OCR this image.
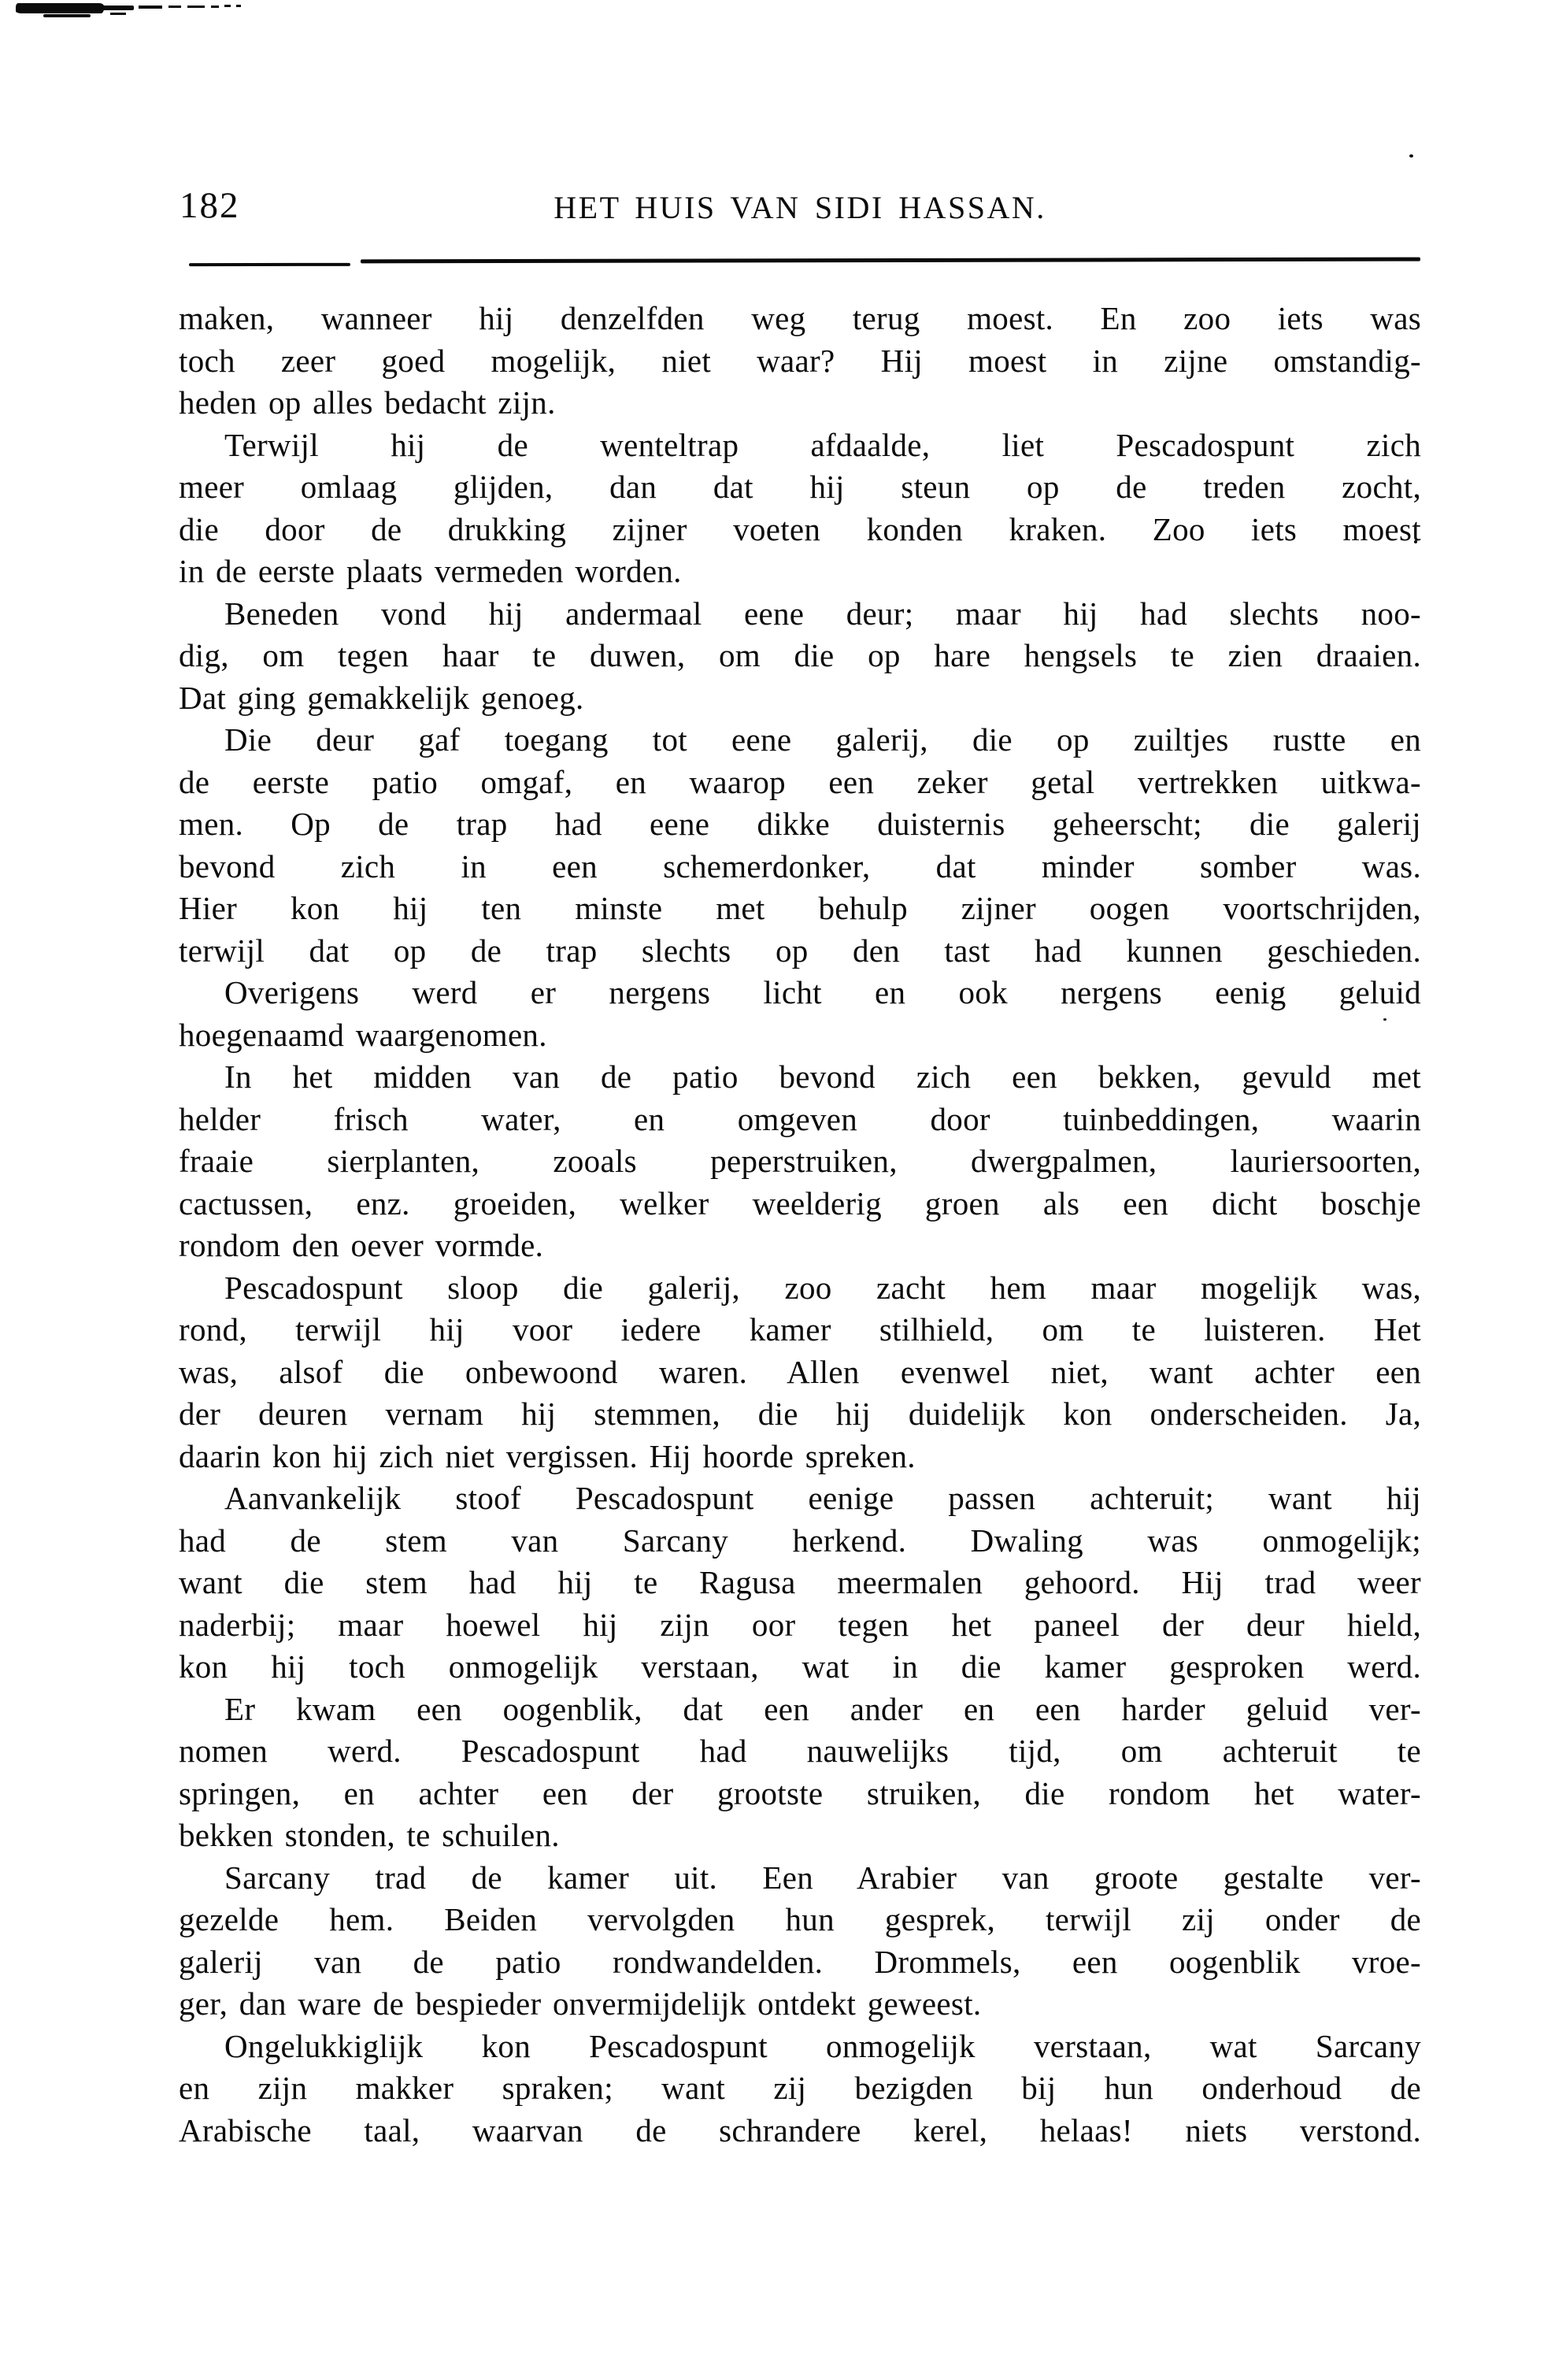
182	HET HUIS VAN SIDI HASSAN.
maken, wanneer hij denzelfden weg terug moest. En zoo iets was
toch zeer goed mogelijk, niet waar? Hij moest in zijne omstandig-
heden op alles bedacht zijn.
Terwijl hij de wenteltrap afdaalde, liet Pescadospunt zich
meer omlaag glijden, dan dat hij steun op de treden zocht,
die door de drukking zijner voeten konden kraken. Zoo iets moest
in de eerste plaats vermeden worden.
Beneden vond hij andermaal eene deur; maar hij had slechts noo-
dig, om tegen haar te duwen, om die op hare hengsels te zien draaien.
Dat ging gemakkelijk genoeg.
Die deur gaf toegang tot eene galerij, die op zuiltjes rustte en
de eerste patio omgaf, en waarop een zeker getal vertrekken uitkwa-
men. Op de trap had eene dikke duisternis geheerscht; die galerij
bevond zich in een schemerdonker, dat minder somber was.
Hier kon hij ten minste met behulp zijner oogen voortschrijden,
terwijl dat op de trap slechts op den tast had kunnen geschieden.
Overigens werd er nergens licht en ook nergens eenig geluid
hoegenaamd waargenomen.
In het midden van de patio bevond zich een bekken, gevuld met
helder frisch water, en omgeven door tuinbeddingen, waarin
fraaie sierplanten, zooals peperstruiken, dwergpalmen, lauriersoorten,
cactussen, enz. groeiden, welker weelderig groen als een dicht boschje
rondom den oever vormde.
Pescadospunt sloop die galerij, zoo zacht hem maar mogelijk was,
rond, terwijl hij voor iedere kamer stilhield, om te luisteren. Het
was, alsof die onbewoond waren. Allen evenwel niet, want achter een
der deuren vernam hij stemmen, die hij duidelijk kon onderscheiden. Ja,
daarin kon hij zich niet vergissen. Hij hoorde spreken.
Aanvankelijk stoof Pescadospunt eenige passen achteruit; want hij
had de stem van Sarcany herkend. Dwaling was onmogelijk;
want die stem had hij te Ragusa meermalen gehoord. Hij trad weer
naderbij; maar hoewel hij zijn oor tegen het paneel der deur hield,
kon hij toch onmogelijk verstaan, wat in die kamer gesproken werd.
Er kwam een oogenblik, dat een ander en een harder geluid ver-
nomen werd. Pescadospunt had nauwelijks tijd, om achteruit te
springen, en achter een der grootste struiken, die rondom het water-
bekken stonden, te schuilen.
Sarcany trad de kamer uit. Een Arabier van groote gestalte ver-
gezelde hem. Beiden vervolgden hun gesprek, terwijl zij onder de
galerij van de patio rondwandelden. Drommels, een oogenblik vroe-
ger, dan ware de bespieder onvermijdelijk ontdekt geweest.
Ongelukkiglijk kon Pescadospunt onmogelijk verstaan, wat Sarcany
en zijn makker spraken; want zij bezigden bij hun onderhoud de
Arabische taal, waarvan de schrandere kerel, helaas! niets verstond.
